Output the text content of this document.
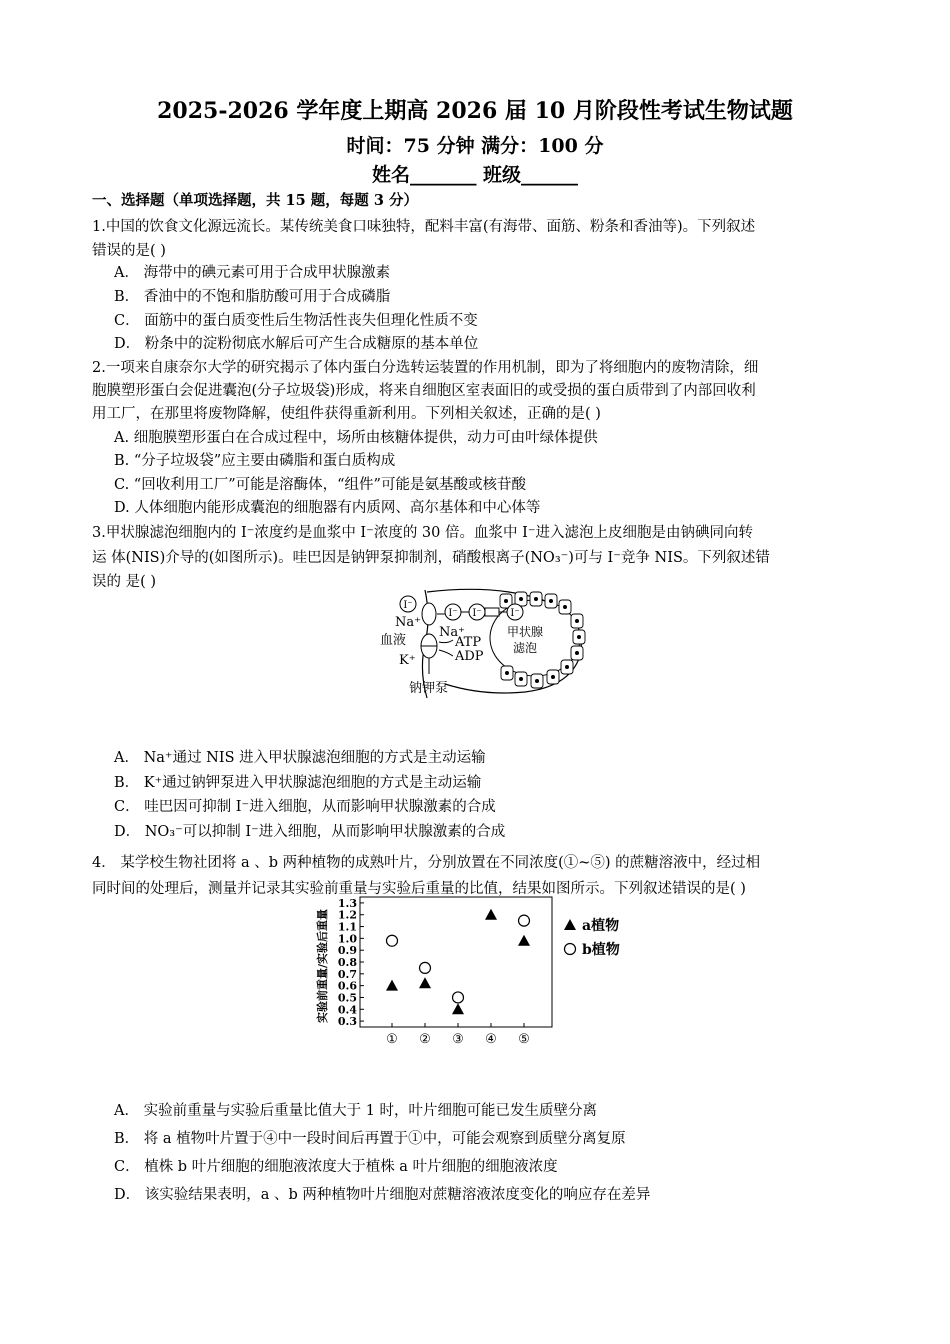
2025-2026 学年度上期高 2026 届 10 月阶段性考试生物试题
时间：75 分钟 满分：100 分
姓名_______ 班级______
一、选择题（单项选择题，共 15 题，每题 3 分）
1.中国的饮食文化源远流长。某传统美食口味独特，配料丰富(有海带、面筋、粉条和香油等)。下列叙述
错误的是( )
A． 海带中的碘元素可用于合成甲状腺激素
B． 香油中的不饱和脂肪酸可用于合成磷脂
C． 面筋中的蛋白质变性后生物活性丧失但理化性质不变
D． 粉条中的淀粉彻底水解后可产生合成糖原的基本单位
2.一项来自康奈尔大学的研究揭示了体内蛋白分选转运装置的作用机制，即为了将细胞内的废物清除，细
胞膜塑形蛋白会促进囊泡(分子垃圾袋)形成，将来自细胞区室表面旧的或受损的蛋白质带到了内部回收利
用工厂，在那里将废物降解，使组件获得重新利用。下列相关叙述，正确的是( )
A. 细胞膜塑形蛋白在合成过程中，场所由核糖体提供，动力可由叶绿体提供
B. “分子垃圾袋”应主要由磷脂和蛋白质构成
C. “回收利用工厂”可能是溶酶体，“组件”可能是氨基酸或核苷酸
D. 人体细胞内能形成囊泡的细胞器有内质网、高尔基体和中心体等
3.甲状腺滤泡细胞内的 I⁻浓度约是血浆中 I⁻浓度的 30 倍。血浆中 I⁻进入滤泡上皮细胞是由钠碘同向转
运 体(NIS)介导的(如图所示)。哇巴因是钠钾泵抑制剂，硝酸根离子(NO₃⁻)可与 I⁻竞争 NIS。下列叙述错
误的 是( )
I⁻
I⁻ I⁻	I⁻
Na⁺
Na⁺
血液	ATP
ADP
K⁺
甲状腺
滤泡
钠钾泵
A． Na⁺通过 NIS 进入甲状腺滤泡细胞的方式是主动运输
B． K⁺通过钠钾泵进入甲状腺滤泡细胞的方式是主动运输
C． 哇巴因可抑制 I⁻进入细胞，从而影响甲状腺激素的合成
D． NO₃⁻可以抑制 I⁻进入细胞，从而影响甲状腺激素的合成
4． 某学校生物社团将 a 、b 两种植物的成熟叶片，分别放置在不同浓度(①~⑤) 的蔗糖溶液中，经过相
同时间的处理后，测量并记录其实验前重量与实验后重量的比值，结果如图所示。下列叙述错误的是( )
0.3
0.4
0.5
0.6
0.7
0.8
0.9
1.0
1.1
1.2
1.3
① ② ③ ④ ⑤
a植物
b植物
实验前重量/实验后重量
A． 实验前重量与实验后重量比值大于 1 时，叶片细胞可能已发生质壁分离
B． 将 a 植物叶片置于④中一段时间后再置于①中，可能会观察到质壁分离复原
C． 植株 b 叶片细胞的细胞液浓度大于植株 a 叶片细胞的细胞液浓度
D． 该实验结果表明，a 、b 两种植物叶片细胞对蔗糖溶液浓度变化的响应存在差异
